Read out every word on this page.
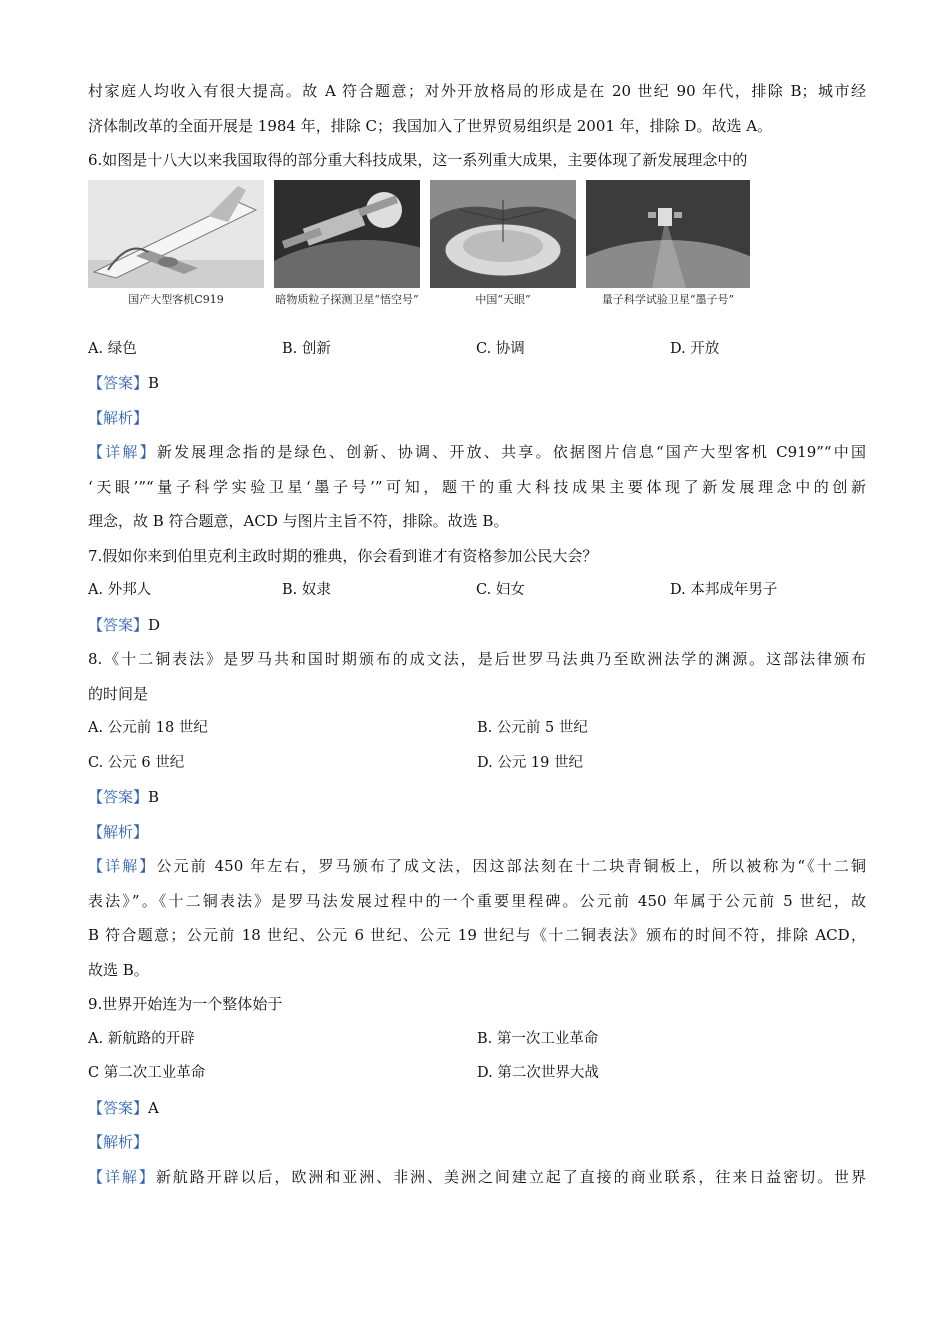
村家庭人均收入有很大提高。故 A 符合题意；对外开放格局的形成是在 20 世纪 90 年代，排除 B；城市经
济体制改革的全面开展是 1984 年，排除 C；我国加入了世界贸易组织是 2001 年，排除 D。故选 A。
6.如图是十八大以来我国取得的部分重大科技成果，这一系列重大成果，主要体现了新发展理念中的
国产大型客机C919	暗物质粒子探测卫星“悟空号”	中国“天眼”	量子科学试验卫星“墨子号”
A. 绿色	B. 创新	C. 协调	D. 开放
【答案】B
【解析】
【详解】新发展理念指的是绿色、创新、协调、开放、共享。依据图片信息“国产大型客机 C919”“中国
‘天眼’”“量子科学实验卫星‘墨子号’”可知，题干的重大科技成果主要体现了新发展理念中的创新
理念，故 B 符合题意，ACD 与图片主旨不符，排除。故选 B。
7.假如你来到伯里克利主政时期的雅典，你会看到谁才有资格参加公民大会？
A. 外邦人	B. 奴隶	C. 妇女	D. 本邦成年男子
【答案】D
8.《十二铜表法》是罗马共和国时期颁布的成文法，是后世罗马法典乃至欧洲法学的渊源。这部法律颁布
的时间是
A. 公元前 18 世纪	B. 公元前 5 世纪
C. 公元 6 世纪	D. 公元 19 世纪
【答案】B
【解析】
【详解】公元前 450 年左右，罗马颁布了成文法，因这部法刻在十二块青铜板上，所以被称为“《十二铜
表法》”。《十二铜表法》是罗马法发展过程中的一个重要里程碑。公元前 450 年属于公元前 5 世纪，故
B 符合题意；公元前 18 世纪、公元 6 世纪、公元 19 世纪与《十二铜表法》颁布的时间不符，排除 ACD，
故选 B。
9.世界开始连为一个整体始于
A. 新航路的开辟	B. 第一次工业革命
C 第二次工业革命	D. 第二次世界大战
【答案】A
【解析】
【详解】新航路开辟以后，欧洲和亚洲、非洲、美洲之间建立起了直接的商业联系，往来日益密切。世界
